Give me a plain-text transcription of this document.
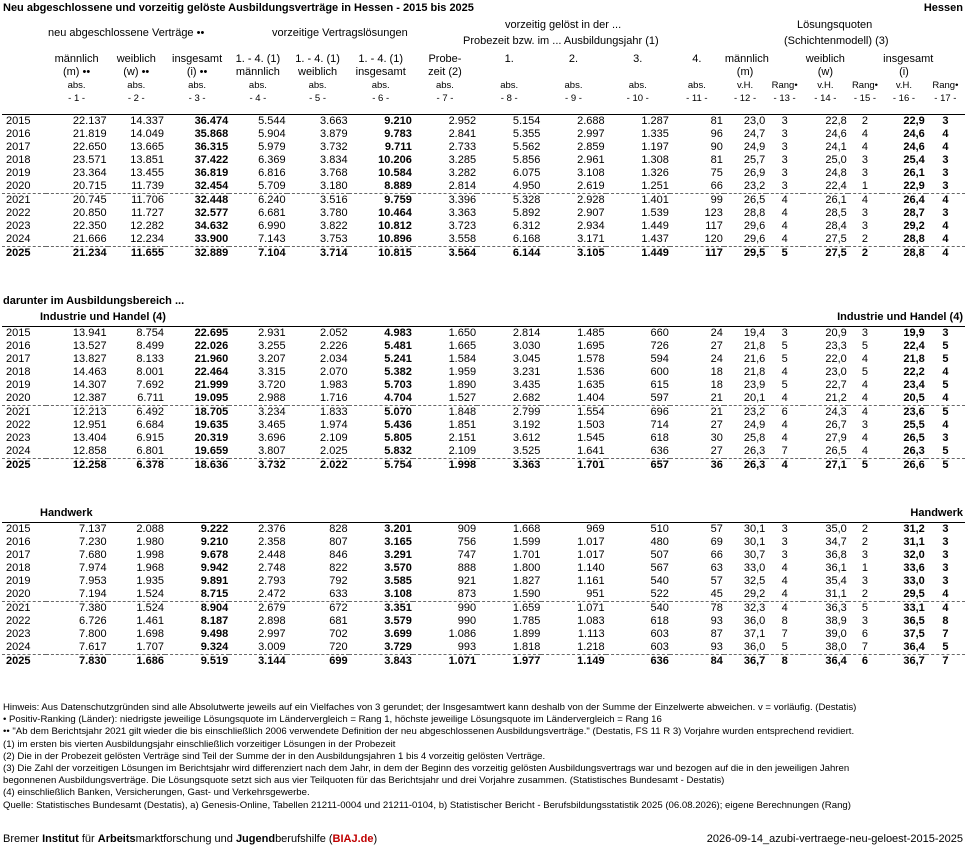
Neu abgeschlossene und vorzeitig gelöste Ausbildungsverträge in Hessen - 2015 bis 2025	Hessen
neu abgeschlossene Verträge ••	vorzeitige Vertragslösungen
vorzeitig gelöst in der ...
Probezeit bzw. im ... Ausbildungsjahr (1)
Lösungsquoten
(Schichtenmodell) (3)
	männlich	weiblich	insgesamt	1. - 4. (1)	1. - 4. (1)	1. - 4. (1)	Probe-	1.	2.	3.	4.	männlich		weiblich		insgesamt	
	(m) ••	(w) ••	(i) ••	männlich	weiblich	insgesamt	zeit (2)					(m)		(w)		(i)	
	abs.	abs.	abs.	abs.	abs.	abs.	abs.	abs.	abs.	abs.	abs.	v.H.	Rang•	v.H.	Rang•	v.H.	Rang•
	- 1 -	- 2 -	- 3 -	- 4 -	- 5 -	- 6 -	- 7 -	- 8 -	- 9 -	- 10 -	- 11 -	- 12 -	- 13 -	- 14 -	- 15 -	- 16 -	- 17 -
2015	22.137	14.337	36.474	5.544	3.663	9.210	2.952	5.154	2.688	1.287	81	23,0	3	22,8	2	22,9	3
2016	21.819	14.049	35.868	5.904	3.879	9.783	2.841	5.355	2.997	1.335	96	24,7	3	24,6	4	24,6	4
2017	22.650	13.665	36.315	5.979	3.732	9.711	2.733	5.562	2.859	1.197	90	24,9	3	24,1	4	24,6	4
2018	23.571	13.851	37.422	6.369	3.834	10.206	3.285	5.856	2.961	1.308	81	25,7	3	25,0	3	25,4	3
2019	23.364	13.455	36.819	6.816	3.768	10.584	3.282	6.075	3.108	1.326	75	26,9	3	24,8	3	26,1	3
2020	20.715	11.739	32.454	5.709	3.180	8.889	2.814	4.950	2.619	1.251	66	23,2	3	22,4	1	22,9	3
2021	20.745	11.706	32.448	6.240	3.516	9.759	3.396	5.328	2.928	1.401	99	26,5	4	26,1	4	26,4	4
2022	20.850	11.727	32.577	6.681	3.780	10.464	3.363	5.892	2.907	1.539	123	28,8	4	28,5	3	28,7	3
2023	22.350	12.282	34.632	6.990	3.822	10.812	3.723	6.312	2.934	1.449	117	29,6	4	28,4	3	29,2	4
2024	21.666	12.234	33.900	7.143	3.753	10.896	3.558	6.168	3.171	1.437	120	29,6	4	27,5	2	28,8	4
2025	21.234	11.655	32.889	7.104	3.714	10.815	3.564	6.144	3.105	1.449	117	29,5	5	27,5	2	28,8	4
darunter im Ausbildungsbereich ...
Industrie und Handel (4)	Industrie und Handel (4)
2015	13.941	8.754	22.695	2.931	2.052	4.983	1.650	2.814	1.485	660	24	19,4	3	20,9	3	19,9	3
2016	13.527	8.499	22.026	3.255	2.226	5.481	1.665	3.030	1.695	726	27	21,8	5	23,3	5	22,4	5
2017	13.827	8.133	21.960	3.207	2.034	5.241	1.584	3.045	1.578	594	24	21,6	5	22,0	4	21,8	5
2018	14.463	8.001	22.464	3.315	2.070	5.382	1.959	3.231	1.536	600	18	21,8	4	23,0	5	22,2	4
2019	14.307	7.692	21.999	3.720	1.983	5.703	1.890	3.435	1.635	615	18	23,9	5	22,7	4	23,4	5
2020	12.387	6.711	19.095	2.988	1.716	4.704	1.527	2.682	1.404	597	21	20,1	4	21,2	4	20,5	4
2021	12.213	6.492	18.705	3.234	1.833	5.070	1.848	2.799	1.554	696	21	23,2	6	24,3	4	23,6	5
2022	12.951	6.684	19.635	3.465	1.974	5.436	1.851	3.192	1.503	714	27	24,9	4	26,7	3	25,5	4
2023	13.404	6.915	20.319	3.696	2.109	5.805	2.151	3.612	1.545	618	30	25,8	4	27,9	4	26,5	3
2024	12.858	6.801	19.659	3.807	2.025	5.832	2.109	3.525	1.641	636	27	26,3	7	26,5	4	26,3	5
2025	12.258	6.378	18.636	3.732	2.022	5.754	1.998	3.363	1.701	657	36	26,3	4	27,1	5	26,6	5
Handwerk	Handwerk
2015	7.137	2.088	9.222	2.376	828	3.201	909	1.668	969	510	57	30,1	3	35,0	2	31,2	3
2016	7.230	1.980	9.210	2.358	807	3.165	756	1.599	1.017	480	69	30,1	3	34,7	2	31,1	3
2017	7.680	1.998	9.678	2.448	846	3.291	747	1.701	1.017	507	66	30,7	3	36,8	3	32,0	3
2018	7.974	1.968	9.942	2.748	822	3.570	888	1.800	1.140	567	63	33,0	4	36,1	1	33,6	3
2019	7.953	1.935	9.891	2.793	792	3.585	921	1.827	1.161	540	57	32,5	4	35,4	3	33,0	3
2020	7.194	1.524	8.715	2.472	633	3.108	873	1.590	951	522	45	29,2	4	31,1	2	29,5	4
2021	7.380	1.524	8.904	2.679	672	3.351	990	1.659	1.071	540	78	32,3	4	36,3	5	33,1	4
2022	6.726	1.461	8.187	2.898	681	3.579	990	1.785	1.083	618	93	36,0	8	38,9	3	36,5	8
2023	7.800	1.698	9.498	2.997	702	3.699	1.086	1.899	1.113	603	87	37,1	7	39,0	6	37,5	7
2024	7.617	1.707	9.324	3.009	720	3.729	993	1.818	1.218	603	93	36,0	5	38,0	7	36,4	5
2025	7.830	1.686	9.519	3.144	699	3.843	1.071	1.977	1.149	636	84	36,7	8	36,4	6	36,7	7
Hinweis: Aus Datenschutzgründen sind alle Absolutwerte jeweils auf ein Vielfaches von 3 gerundet; der Insgesamtwert kann deshalb von der Summe der Einzelwerte abweichen. v = vorläufig. (Destatis)
• Positiv-Ranking (Länder): niedrigste jeweilige Lösungsquote im Ländervergleich = Rang 1, höchste jeweilige Lösungsquote im Ländervergleich = Rang 16
•• "Ab dem Berichtsjahr 2021 gilt wieder die bis einschließlich 2006 verwendete Definition der neu abgeschlossenen Ausbildungsverträge." (Destatis, FS 11 R 3) Vorjahre wurden entsprechend revidiert.
(1) im ersten bis vierten Ausbildungsjahr einschließlich vorzeitiger Lösungen in der Probezeit
(2) Die in der Probezeit gelösten Verträge sind Teil der Summe der in den Ausbildungsjahren 1 bis 4 vorzeitig gelösten Verträge.
(3) Die Zahl der vorzeitigen Lösungen im Berichtsjahr wird differenziert nach dem Jahr, in dem der Beginn des vorzeitig gelösten Ausbildungsvertrags war und bezogen auf die in den jeweiligen Jahren
begonnenen Ausbildungsverträge. Die Lösungsquote setzt sich aus vier Teilquoten für das Berichtsjahr und drei Vorjahre zusammen. (Statistisches Bundesamt - Destatis)
(4) einschließlich Banken, Versicherungen, Gast- und Verkehrsgewerbe.
Quelle: Statistisches Bundesamt (Destatis), a) Genesis-Online, Tabellen 21211-0004 und 21211-0104, b) Statistischer Bericht - Berufsbildungsstatistik 2025 (06.08.2026); eigene Berechnungen (Rang)
Bremer Institut für Arbeitsmarktforschung und Jugendberufshilfe (BIAJ.de)	2026-09-14_azubi-vertraege-neu-geloest-2015-2025
